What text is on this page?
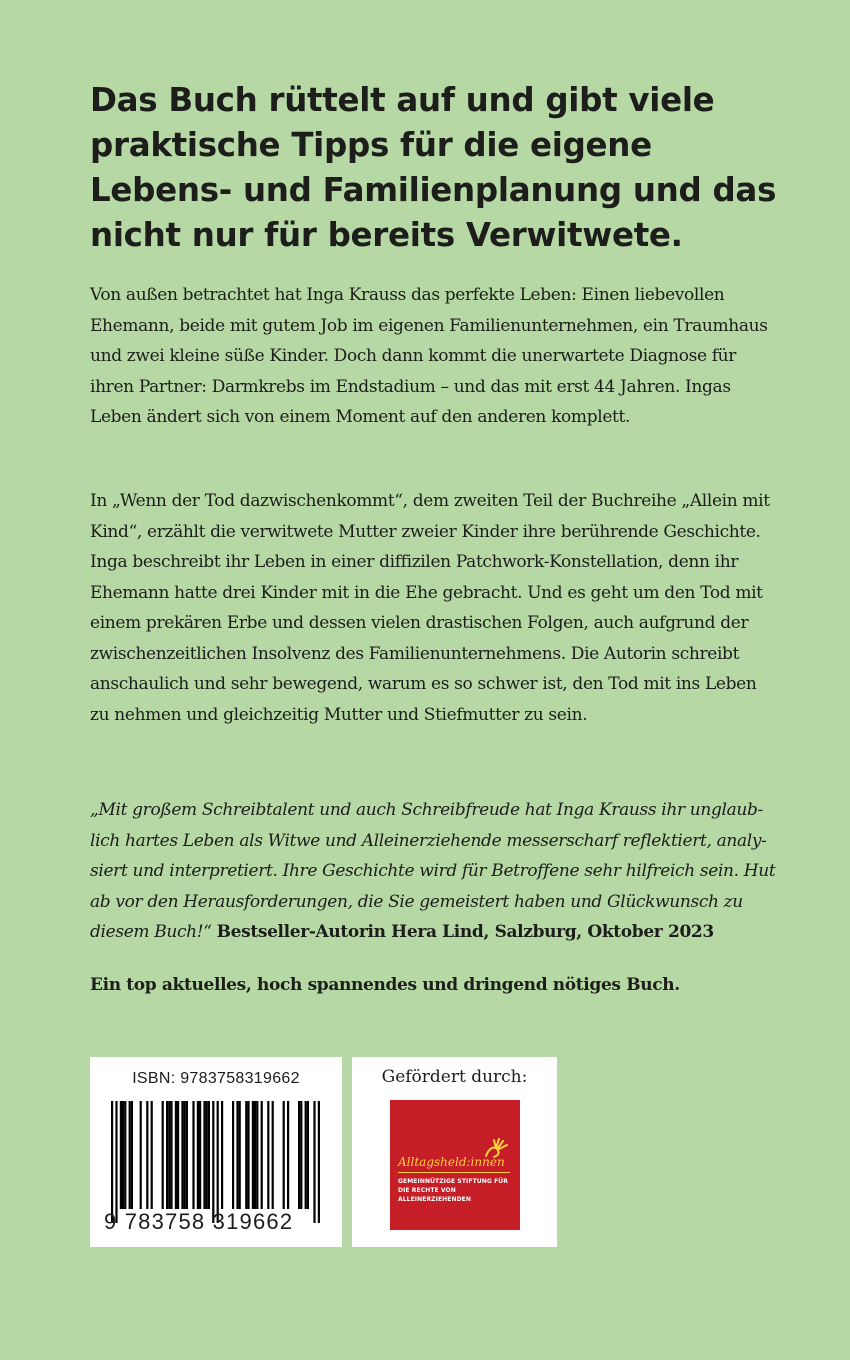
Das Buch rüttelt auf und gibt viele praktische Tipps für die eigene Lebens- und Familienplanung und das nicht nur für bereits Verwitwete.

Von außen betrachtet hat Inga Krauss das perfekte Leben: Einen liebevollen Ehemann, beide mit gutem Job im eigenen Familienunternehmen, ein Traumhaus und zwei kleine süße Kinder. Doch dann kommt die unerwartete Diagnose für ihren Partner: Darmkrebs im Endstadium – und das mit erst 44 Jahren. Ingas Leben ändert sich von einem Moment auf den anderen komplett.

In „Wenn der Tod dazwischenkommt“, dem zweiten Teil der Buchreihe „Allein mit Kind“, erzählt die verwitwete Mutter zweier Kinder ihre berührende Geschichte. Inga beschreibt ihr Leben in einer diffizilen Patchwork-Konstellation, denn ihr Ehemann hatte drei Kinder mit in die Ehe gebracht. Und es geht um den Tod mit einem prekären Erbe und dessen vielen drastischen Folgen, auch aufgrund der zwischenzeitlichen Insolvenz des Familienunternehmens. Die Autorin schreibt anschaulich und sehr bewegend, warum es so schwer ist, den Tod mit ins Leben zu nehmen und gleichzeitig Mutter und Stiefmutter zu sein.

„Mit großem Schreibtalent und auch Schreibfreude hat Inga Krauss ihr unglaublich hartes Leben als Witwe und Alleinerziehende messerscharf reflektiert, analysiert und interpretiert. Ihre Geschichte wird für Betroffene sehr hilfreich sein. Hut ab vor den Herausforderungen, die Sie gemeistert haben und Glückwunsch zu diesem Buch!“ Bestseller-Autorin Hera Lind, Salzburg, Oktober 2023

Ein top aktuelles, hoch spannendes und dringend nötiges Buch.

ISBN: 9783758319662
9 783758 319662
Gefördert durch:
Alltagsheld:innen
GEMEINNÜTZIGE STIFTUNG FÜR DIE RECHTE VON ALLEINERZIEHENDEN
